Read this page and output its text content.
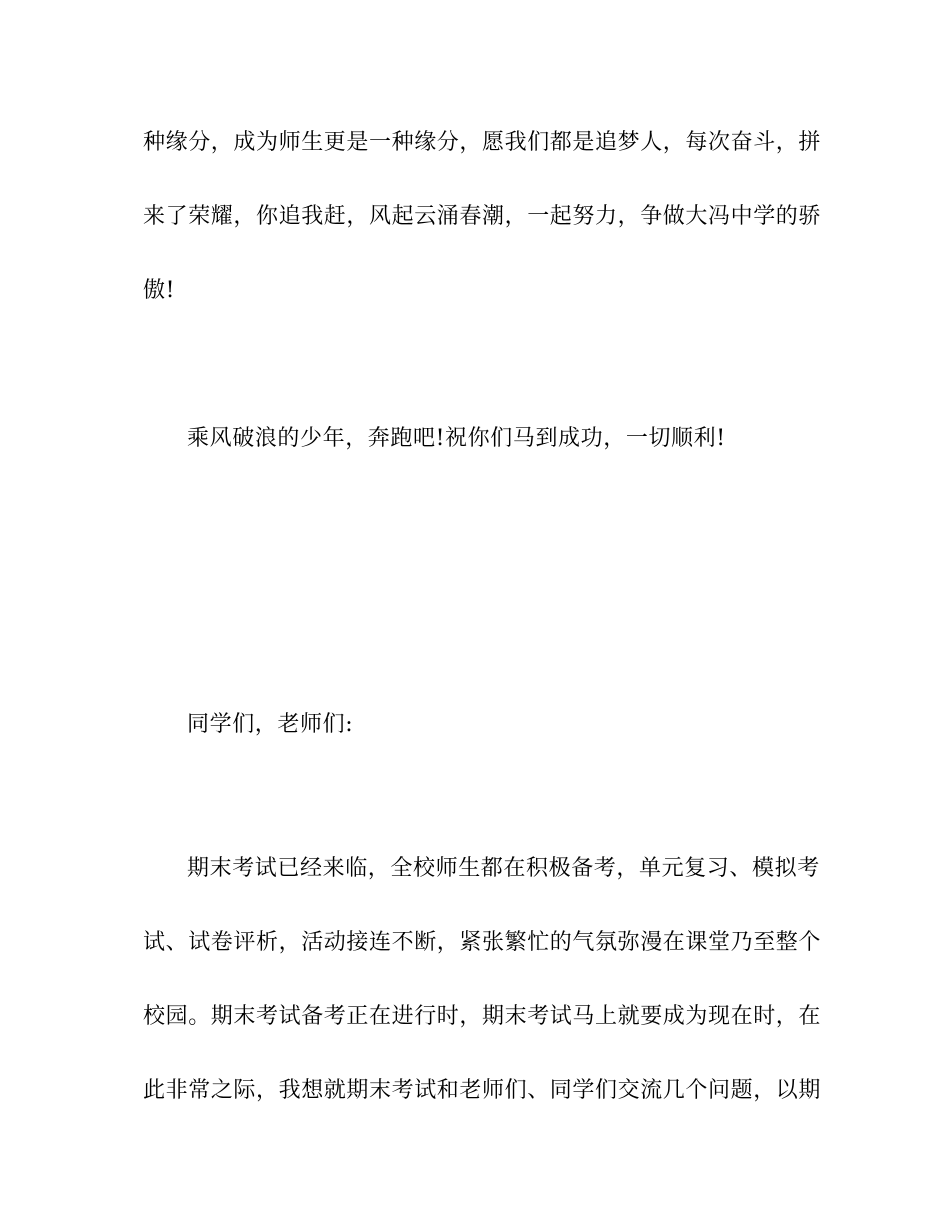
种缘分，成为师生更是一种缘分，愿我们都是追梦人，每次奋斗，拼
来了荣耀，你追我赶，风起云涌春潮，一起努力，争做大冯中学的骄
傲!
乘风破浪的少年，奔跑吧!祝你们马到成功，一切顺利!
同学们，老师们:
期末考试已经来临，全校师生都在积极备考，单元复习、模拟考
试、试卷评析，活动接连不断，紧张繁忙的气氛弥漫在课堂乃至整个
校园。期末考试备考正在进行时，期末考试马上就要成为现在时，在
此非常之际，我想就期末考试和老师们、同学们交流几个问题，以期
